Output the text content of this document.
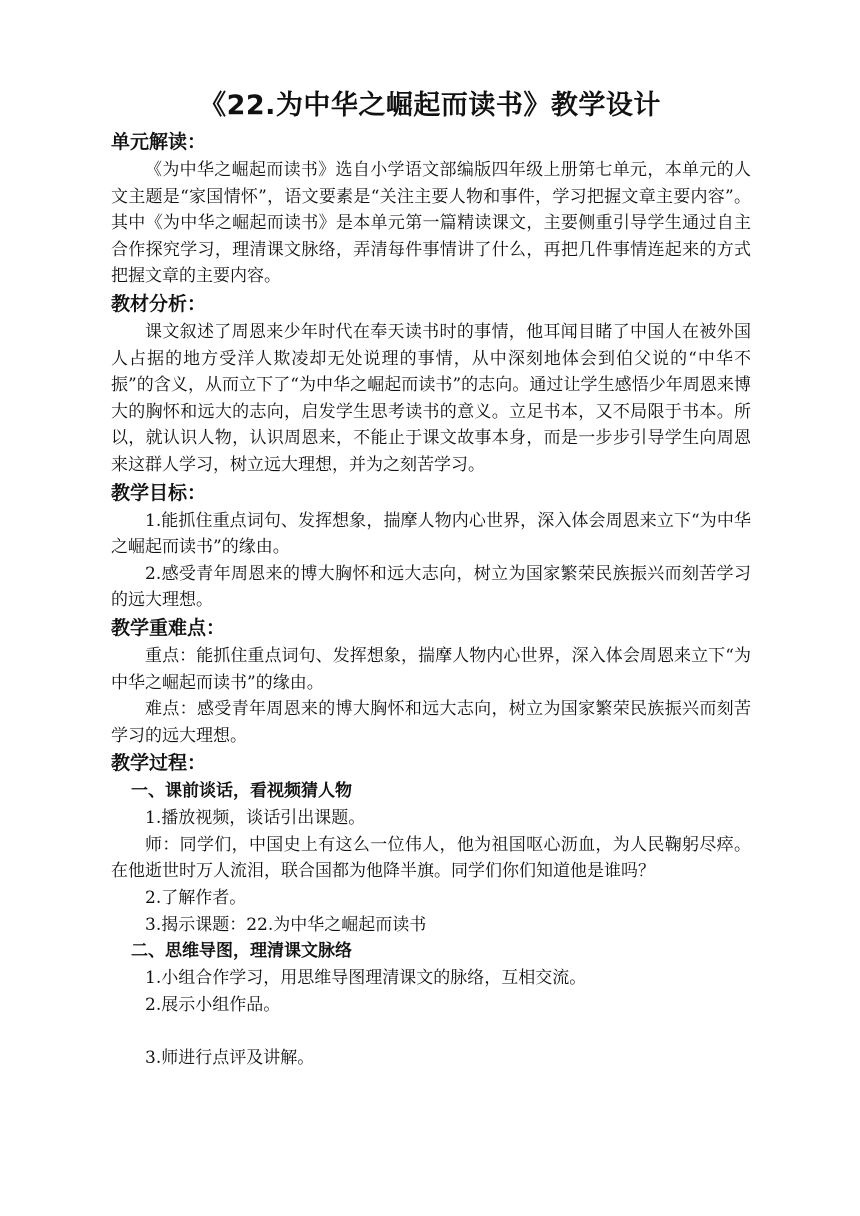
《22.为中华之崛起而读书》教学设计

单元解读：

《为中华之崛起而读书》选自小学语文部编版四年级上册第七单元，本单元的人文主题是“家国情怀”，语文要素是“关注主要人物和事件，学习把握文章主要内容”。其中《为中华之崛起而读书》是本单元第一篇精读课文，主要侧重引导学生通过自主合作探究学习，理清课文脉络，弄清每件事情讲了什么，再把几件事情连起来的方式把握文章的主要内容。

教材分析：

课文叙述了周恩来少年时代在奉天读书时的事情，他耳闻目睹了中国人在被外国人占据的地方受洋人欺凌却无处说理的事情，从中深刻地体会到伯父说的“中华不振”的含义，从而立下了“为中华之崛起而读书”的志向。通过让学生感悟少年周恩来博大的胸怀和远大的志向，启发学生思考读书的意义。立足书本，又不局限于书本。所以，就认识人物，认识周恩来，不能止于课文故事本身，而是一步步引导学生向周恩来这群人学习，树立远大理想，并为之刻苦学习。

教学目标：

1.能抓住重点词句、发挥想象，揣摩人物内心世界，深入体会周恩来立下“为中华之崛起而读书”的缘由。

2.感受青年周恩来的博大胸怀和远大志向，树立为国家繁荣民族振兴而刻苦学习的远大理想。

教学重难点：

重点：能抓住重点词句、发挥想象，揣摩人物内心世界，深入体会周恩来立下“为中华之崛起而读书”的缘由。

难点：感受青年周恩来的博大胸怀和远大志向，树立为国家繁荣民族振兴而刻苦学习的远大理想。

教学过程：

一、课前谈话，看视频猜人物

1.播放视频，谈话引出课题。

师：同学们，中国史上有这么一位伟人，他为祖国呕心沥血，为人民鞠躬尽瘁。在他逝世时万人流泪，联合国都为他降半旗。同学们你们知道他是谁吗？

2.了解作者。

3.揭示课题：22.为中华之崛起而读书

二、思维导图，理清课文脉络

1.小组合作学习，用思维导图理清课文的脉络，互相交流。

2.展示小组作品。

3.师进行点评及讲解。
